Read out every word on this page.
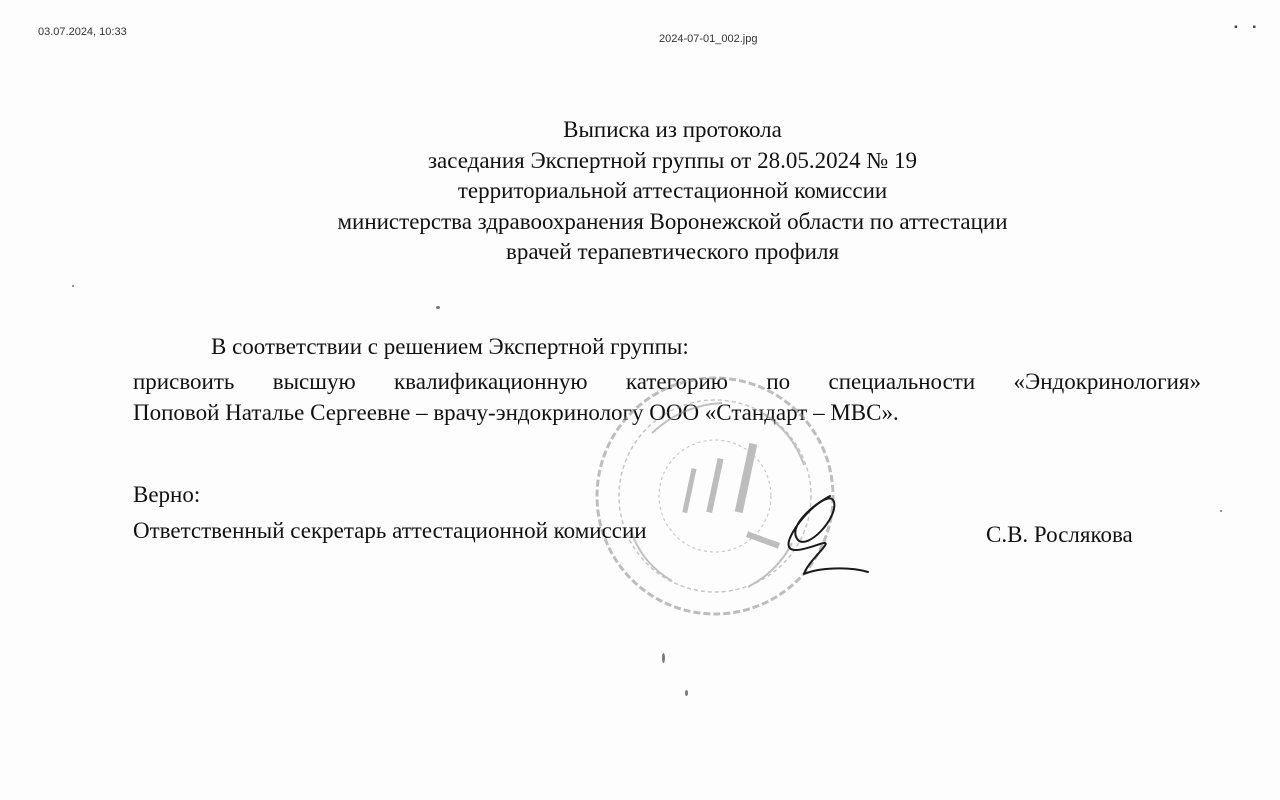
03.07.2024, 10:33
2024-07-01_002.jpg
▪ ▪
Выписка из протокола
заседания Экспертной группы от 28.05.2024 № 19
территориальной аттестационной комиссии
министерства здравоохранения Воронежской области по аттестации
врачей терапевтического профиля
В соответствии с решением Экспертной группы:
присвоить высшую квалификационную категорию по специальности «Эндокринология»
Поповой Наталье Сергеевне – врачу-эндокринологу ООО «Стандарт – МВС».
Верно:
Ответственный секретарь аттестационной комиссии	С.В. Рослякова
